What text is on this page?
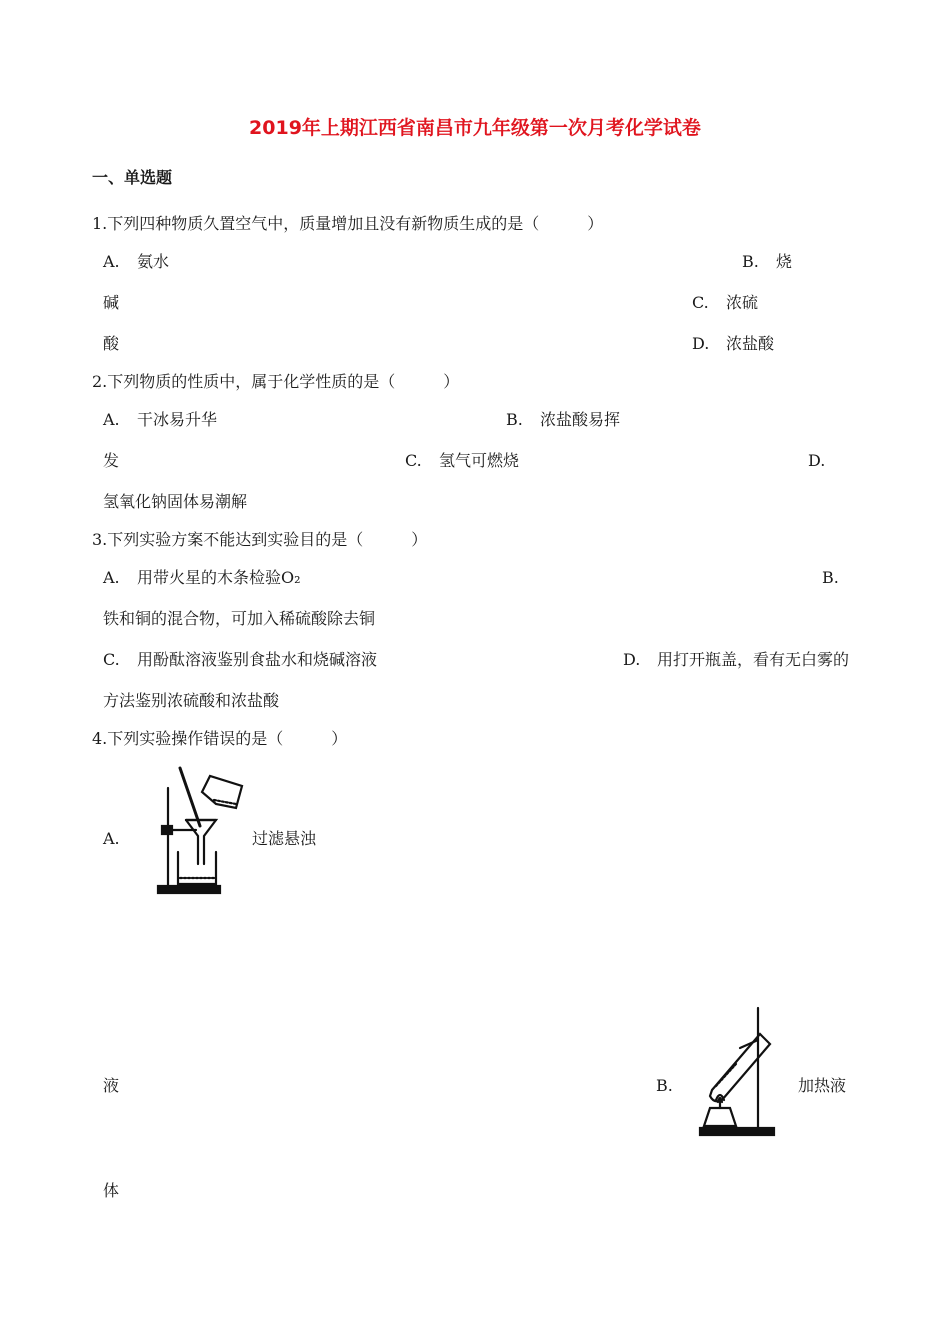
2019年上期江西省南昌市九年级第一次月考化学试卷
一、单选题
1.下列四种物质久置空气中，质量增加且没有新物质生成的是（　　　）
A. 氨水	B. 烧
碱	C. 浓硫
酸	D. 浓盐酸
2.下列物质的性质中，属于化学性质的是（　　　）
A. 干冰易升华	B. 浓盐酸易挥
发	C. 氢气可燃烧	D.
氢氧化钠固体易潮解
3.下列实验方案不能达到实验目的是（　　　）
A. 用带火星的木条检验O₂	B.
铁和铜的混合物，可加入稀硫酸除去铜
C. 用酚酞溶液鉴别食盐水和烧碱溶液	D. 用打开瓶盖，看有无白雾的
方法鉴别浓硫酸和浓盐酸
4.下列实验操作错误的是（　　　）
A.	过滤悬浊
液	B.	加热液
体
